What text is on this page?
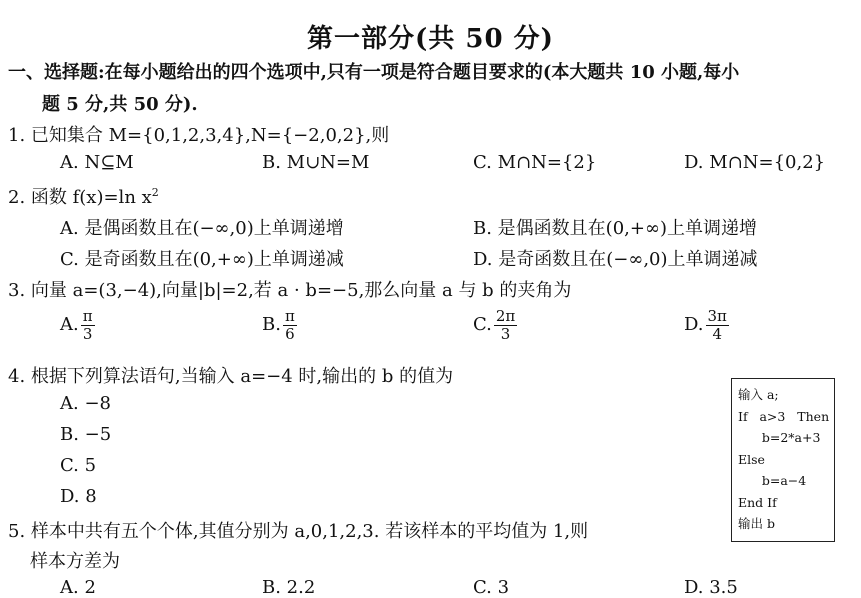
第一部分(共 50 分)
一、选择题:在每小题给出的四个选项中,只有一项是符合题目要求的(本大题共 10 小题,每小
题 5 分,共 50 分).
1. 已知集合 M={0,1,2,3,4},N={−2,0,2},则
A. N⊆M	B. M∪N=M	C. M∩N={2}	D. M∩N={0,2}
2. 函数 f(x)=ln $x^2$
A. 是偶函数且在(−∞,0)上单调递增	B. 是偶函数且在(0,+∞)上单调递增
C. 是奇函数且在(0,+∞)上单调递减	D. 是奇函数且在(−∞,0)上单调递减
3. 向量 a=(3,−4),向量|b|=2,若 a · b=−5,那么向量 a 与 b 的夹角为
A. $\frac{\pi}{3}$	B. $\frac{\pi}{6}$	C. $\frac{2\pi}{3}$	D. $\frac{3\pi}{4}$
4. 根据下列算法语句,当输入 a=−4 时,输出的 b 的值为
A. −8
B. −5
C. 5
D. 8
输入 a;
If   a>3   Then
b=2*a+3
Else
b=a−4
End If
输出 b
5. 样本中共有五个个体,其值分别为 a,0,1,2,3. 若该样本的平均值为 1,则
样本方差为
A. 2	B. 2.2	C. 3	D. 3.5
